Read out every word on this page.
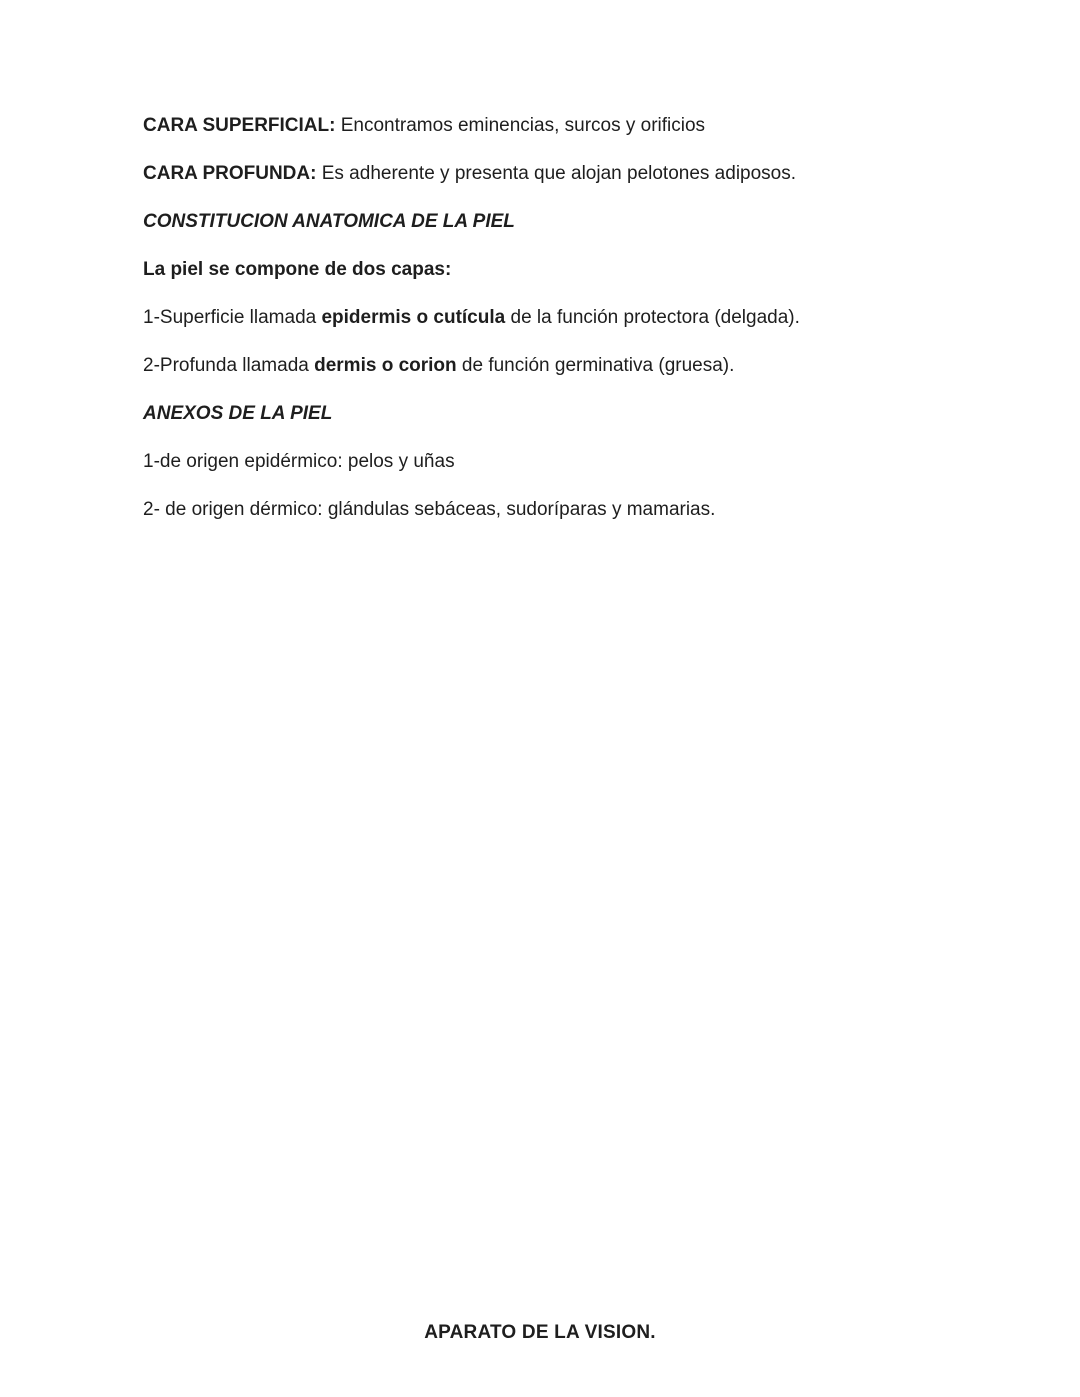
CARA SUPERFICIAL: Encontramos eminencias, surcos y orificios

CARA PROFUNDA: Es adherente y presenta que alojan pelotones adiposos.

CONSTITUCION ANATOMICA DE LA PIEL

La piel se compone de dos capas:

1-Superficie llamada epidermis o cutícula de la función protectora (delgada).

2-Profunda llamada dermis o corion de función germinativa (gruesa).

ANEXOS DE LA PIEL

1-de origen epidérmico: pelos y uñas

2- de origen dérmico: glándulas sebáceas, sudoríparas y mamarias.

APARATO DE LA VISION.
